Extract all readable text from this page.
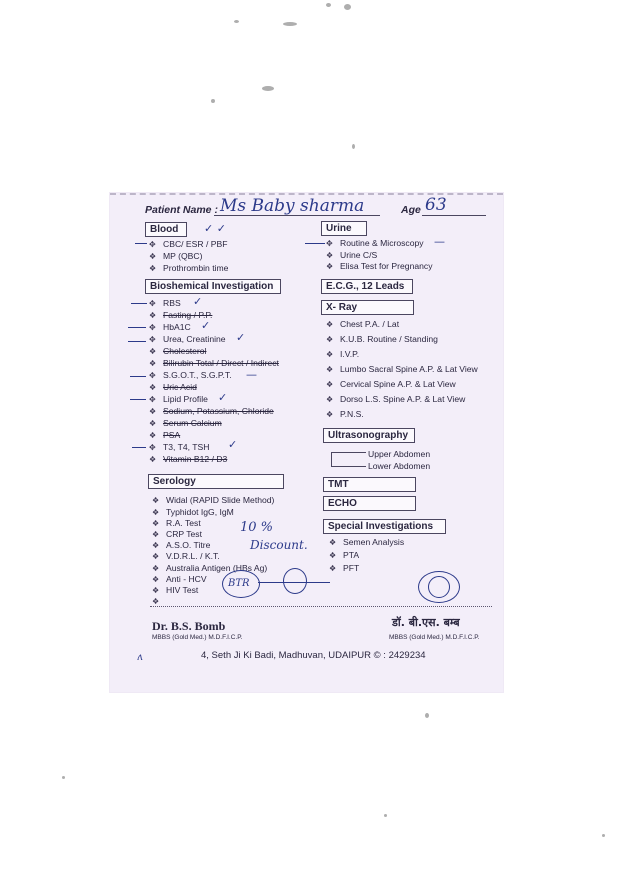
Patient Name : Ms Baby sharma	Age 63
Blood	✓ ✓
✥ CBC/ ESR / PBF
❖ MP (QBC)
❖ Prothrombin time
Bioshemical Investigation
✥ RBS
❖ Fasting / P.P.
✥ HbA1C
✥ Urea, Creatinine
❖ Cholesterol
❖ Bilirubin Total / Direct / Indirect
✥ S.G.O.T., S.G.P.T.
❖ Uric Acid
✥ Lipid Profile
❖ Sodium, Potassium, Chloride
❖ Serum Calcium
❖ PSA
✥ T3, T4, TSH
❖ Vitamin B12 / D3
✓
✓
✓
—
✓
✓
Serology
❖ Widal (RAPID Slide Method)
❖ Typhidot IgG, IgM
❖ R.A. Test
❖ CRP Test
❖ A.S.O. Titre
❖ V.D.R.L. / K.T.
❖ Australia Antigen (HBs Ag)
❖ Anti - HCV
❖ HIV Test
❖
10 %
Discount.
BTR
Urine
✥ Routine & Microscopy
❖ Urine C/S
❖ Elisa Test for Pregnancy
—
E.C.G., 12 Leads
X- Ray
❖ Chest P.A. / Lat
❖ K.U.B. Routine / Standing
❖ I.V.P.
❖ Lumbo Sacral Spine A.P. & Lat View
❖ Cervical Spine A.P. & Lat View
❖ Dorso L.S. Spine A.P. & Lat View
❖ P.N.S.
Ultrasonography
Upper Abdomen
Lower Abdomen
TMT
ECHO
Special Investigations
❖ Semen Analysis
❖ PTA
❖ PFT
Dr. B.S. Bomb
MBBS (Gold Med.) M.D.F.I.C.P.
डॉ. बी.एस. बम्ब
MBBS (Gold Med.) M.D.F.I.C.P.
4, Seth Ji Ki Badi, Madhuvan, UDAIPUR © : 2429234
ʌ
